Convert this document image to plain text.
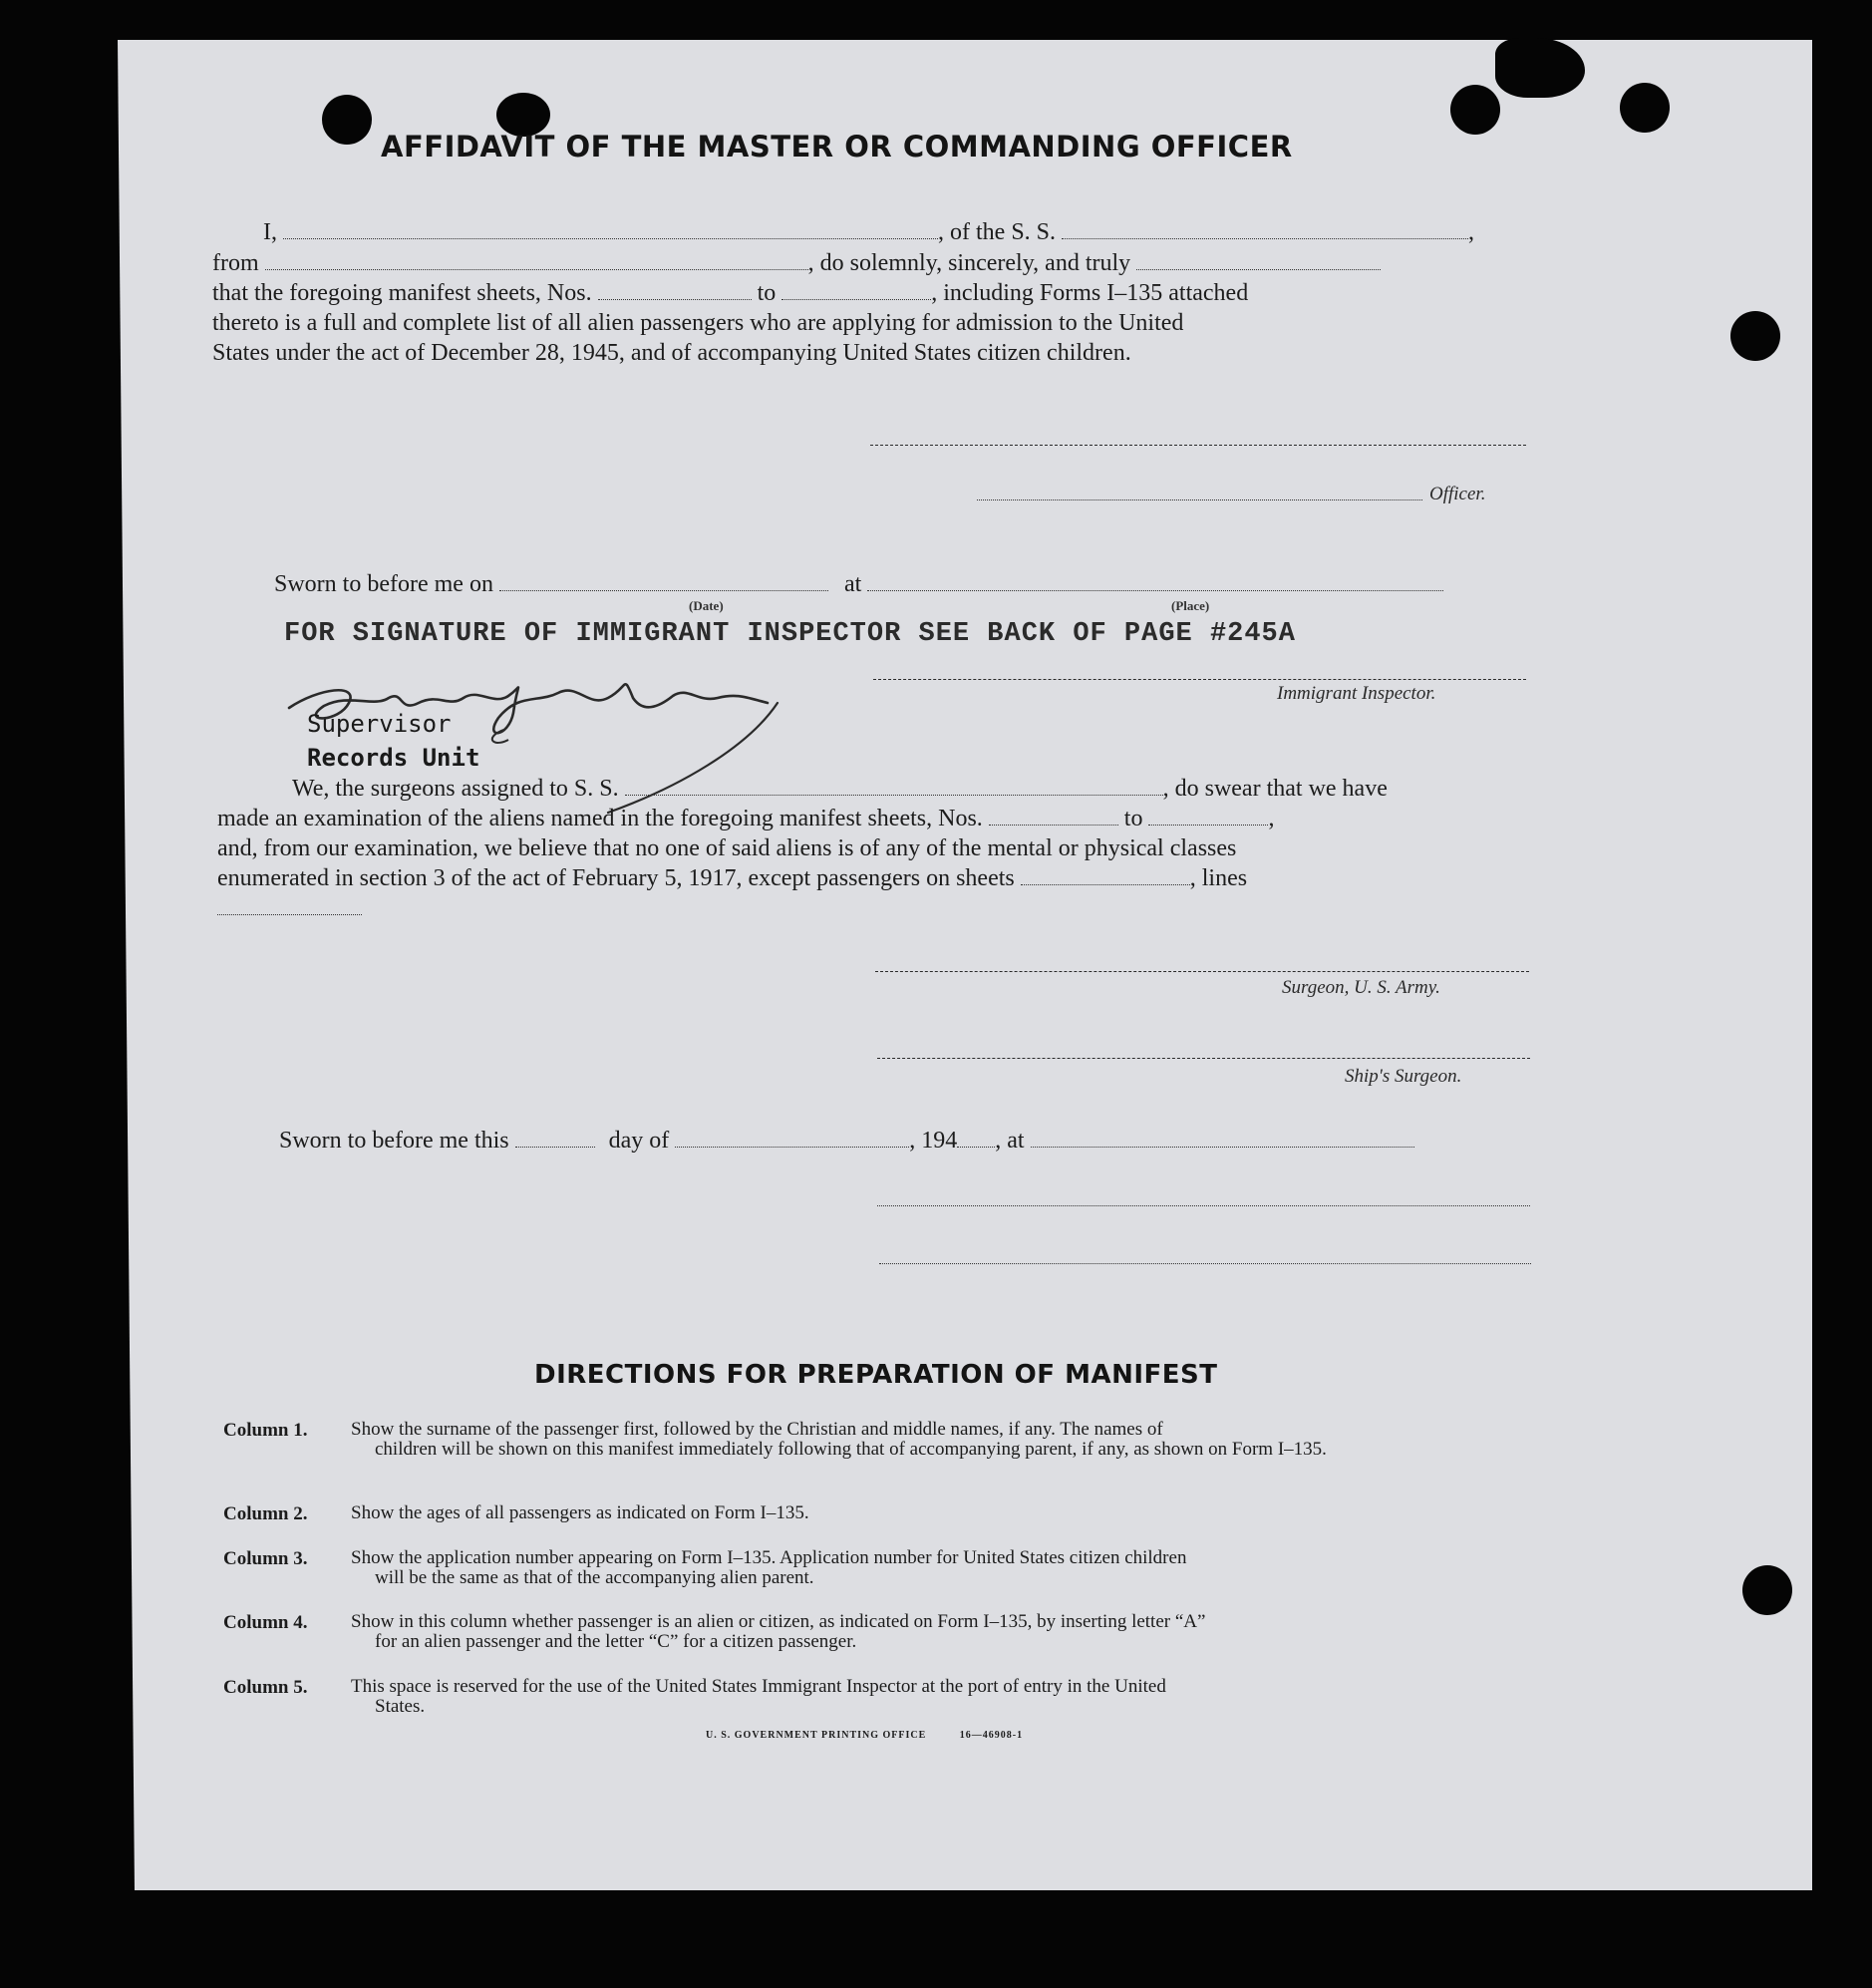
AFFIDAVIT OF THE MASTER OR COMMANDING OFFICER
I,	, of the S. S.	,
from	, do solemnly, sincerely, and truly
that the foregoing manifest sheets, Nos.	to	, including Forms I–135 attached
thereto is a full and complete list of all alien passengers who are applying for admission to the United
States under the act of December 28, 1945, and of accompanying United States citizen children.
Officer.
Sworn to before me on	at
(Date)	(Place)
FOR SIGNATURE OF IMMIGRANT INSPECTOR SEE BACK OF PAGE #245A
Immigrant Inspector.
Supervisor
Records Unit
We, the surgeons assigned to S. S.	, do swear that we have
made an examination of the aliens named in the foregoing manifest sheets, Nos.	to	,
and, from our examination, we believe that no one of said aliens is of any of the mental or physical classes
enumerated in section 3 of the act of February 5, 1917, except passengers on sheets	, lines
Surgeon, U. S. Army.
Ship's Surgeon.
Sworn to before me this	day of	, 194 , at
DIRECTIONS FOR PREPARATION OF MANIFEST
Column 1. Show the surname of the passenger first, followed by the Christian and middle names, if any. The names of
children will be shown on this manifest immediately following that of accompanying parent, if any, as shown on Form I–135.
Column 2. Show the ages of all passengers as indicated on Form I–135.
Column 3. Show the application number appearing on Form I–135. Application number for United States citizen children
will be the same as that of the accompanying alien parent.
Column 4. Show in this column whether passenger is an alien or citizen, as indicated on Form I–135, by inserting letter “A”
for an alien passenger and the letter “C” for a citizen passenger.
Column 5. This space is reserved for the use of the United States Immigrant Inspector at the port of entry in the United
States.
U. S. GOVERNMENT PRINTING OFFICE	16—46908-1
